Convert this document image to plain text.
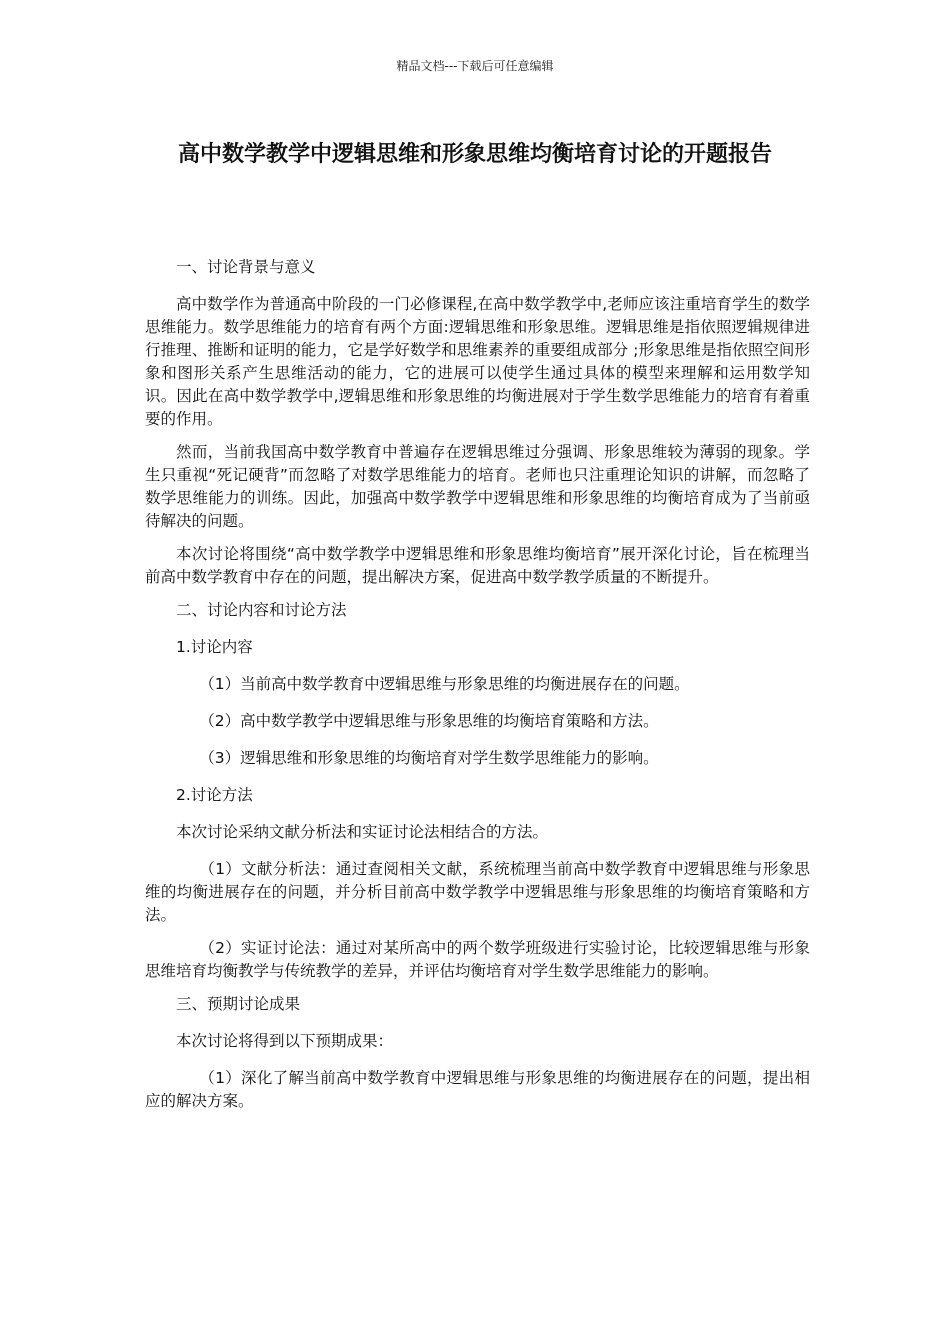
精品文档---下载后可任意编辑
高中数学教学中逻辑思维和形象思维均衡培育讨论的开题报告

一、讨论背景与意义

高中数学作为普通高中阶段的一门必修课程,在高中数学教学中,老师应该注重培育学生的数学思维能力。数学思维能力的培育有两个方面:逻辑思维和形象思维。逻辑思维是指依照逻辑规律进行推理、推断和证明的能力，它是学好数学和思维素养的重要组成部分 ;形象思维是指依照空间形象和图形关系产生思维活动的能力，它的进展可以使学生通过具体的模型来理解和运用数学知识。因此在高中数学教学中,逻辑思维和形象思维的均衡进展对于学生数学思维能力的培育有着重要的作用。

然而，当前我国高中数学教育中普遍存在逻辑思维过分强调、形象思维较为薄弱的现象。学生只重视“死记硬背”而忽略了对数学思维能力的培育。老师也只注重理论知识的讲解，而忽略了数学思维能力的训练。因此，加强高中数学教学中逻辑思维和形象思维的均衡培育成为了当前亟待解决的问题。

本次讨论将围绕“高中数学教学中逻辑思维和形象思维均衡培育”展开深化讨论，旨在梳理当前高中数学教育中存在的问题，提出解决方案，促进高中数学教学质量的不断提升。

二、讨论内容和讨论方法

1.讨论内容

（1）当前高中数学教育中逻辑思维与形象思维的均衡进展存在的问题。

（2）高中数学教学中逻辑思维与形象思维的均衡培育策略和方法。

（3）逻辑思维和形象思维的均衡培育对学生数学思维能力的影响。

2.讨论方法

本次讨论采纳文献分析法和实证讨论法相结合的方法。

（1）文献分析法：通过查阅相关文献，系统梳理当前高中数学教育中逻辑思维与形象思维的均衡进展存在的问题，并分析目前高中数学教学中逻辑思维与形象思维的均衡培育策略和方法。

（2）实证讨论法：通过对某所高中的两个数学班级进行实验讨论，比较逻辑思维与形象思维培育均衡教学与传统教学的差异，并评估均衡培育对学生数学思维能力的影响。

三、预期讨论成果

本次讨论将得到以下预期成果：

（1）深化了解当前高中数学教育中逻辑思维与形象思维的均衡进展存在的问题，提出相应的解决方案。
